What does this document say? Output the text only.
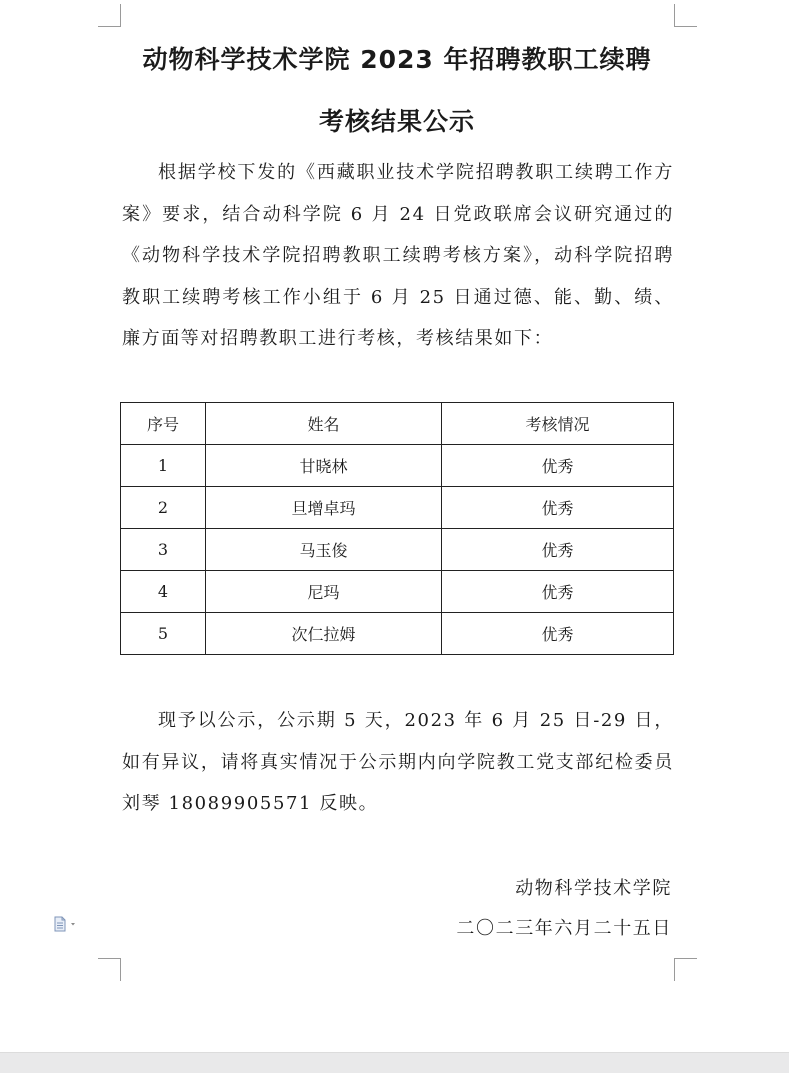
动物科学技术学院 2023 年招聘教职工续聘
考核结果公示

根据学校下发的《西藏职业技术学院招聘教职工续聘工作方案》要求，结合动科学院 6 月 24 日党政联席会议研究通过的《动物科学技术学院招聘教职工续聘考核方案》，动科学院招聘教职工续聘考核工作小组于 6 月 25 日通过德、能、勤、绩、廉方面等对招聘教职工进行考核，考核结果如下：

序号	姓名	考核情况
1	甘晓林	优秀
2	旦增卓玛	优秀
3	马玉俊	优秀
4	尼玛	优秀
5	次仁拉姆	优秀

现予以公示，公示期 5 天，2023 年 6 月 25 日-29 日，如有异议，请将真实情况于公示期内向学院教工党支部纪检委员刘琴 18089905571 反映。

动物科学技术学院
二〇二三年六月二十五日
